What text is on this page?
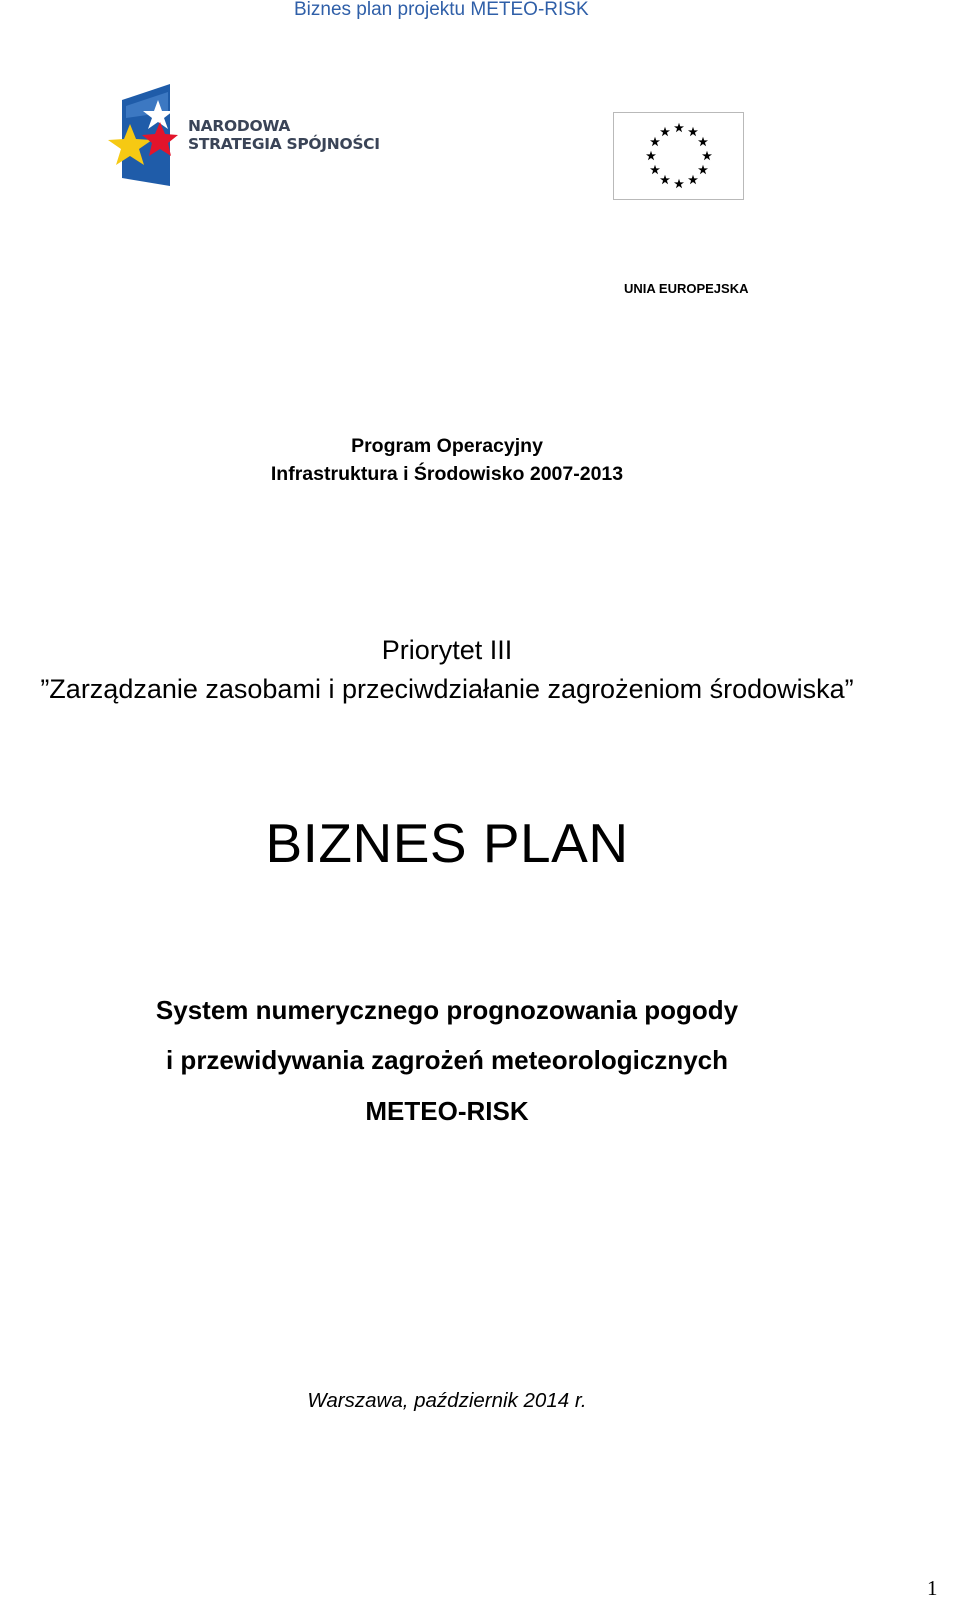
Biznes plan projektu METEO-RISK
NARODOWA
STRATEGIA SPÓJNOŚCI
UNIA EUROPEJSKA
Program Operacyjny
Infrastruktura i Środowisko 2007-2013
Priorytet III
”Zarządzanie zasobami i przeciwdziałanie zagrożeniom środowiska”
BIZNES PLAN
System numerycznego prognozowania pogody
i przewidywania zagrożeń meteorologicznych
METEO-RISK
Warszawa, październik 2014 r.
1
